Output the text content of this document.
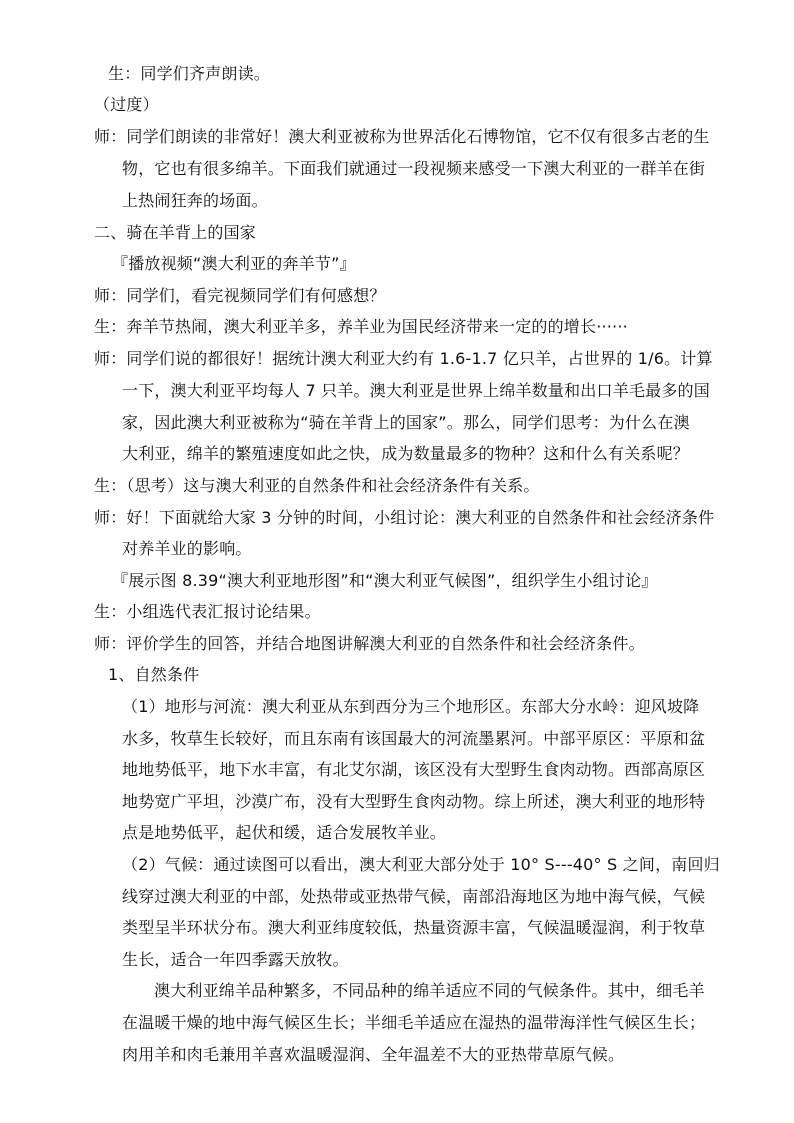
生：同学们齐声朗读。
（过度）
师：同学们朗读的非常好！澳大利亚被称为世界活化石博物馆，它不仅有很多古老的生
物，它也有很多绵羊。下面我们就通过一段视频来感受一下澳大利亚的一群羊在街
上热闹狂奔的场面。
二、骑在羊背上的国家
『播放视频“澳大利亚的奔羊节”』
师：同学们，看完视频同学们有何感想？
生：奔羊节热闹，澳大利亚羊多，养羊业为国民经济带来一定的的增长······
师：同学们说的都很好！据统计澳大利亚大约有 1.6-1.7 亿只羊，占世界的 1/6。计算
一下，澳大利亚平均每人 7 只羊。澳大利亚是世界上绵羊数量和出口羊毛最多的国
家，因此澳大利亚被称为“骑在羊背上的国家”。那么，同学们思考：为什么在澳
大利亚，绵羊的繁殖速度如此之快，成为数量最多的物种？这和什么有关系呢？
生：（思考）这与澳大利亚的自然条件和社会经济条件有关系。
师：好！下面就给大家 3 分钟的时间，小组讨论：澳大利亚的自然条件和社会经济条件
对养羊业的影响。
『展示图 8.39“澳大利亚地形图”和“澳大利亚气候图”，组织学生小组讨论』
生：小组选代表汇报讨论结果。
师：评价学生的回答，并结合地图讲解澳大利亚的自然条件和社会经济条件。
1、自然条件
（1）地形与河流：澳大利亚从东到西分为三个地形区。东部大分水岭：迎风坡降
水多，牧草生长较好，而且东南有该国最大的河流墨累河。中部平原区：平原和盆
地地势低平，地下水丰富，有北艾尔湖，该区没有大型野生食肉动物。西部高原区
地势宽广平坦，沙漠广布，没有大型野生食肉动物。综上所述，澳大利亚的地形特
点是地势低平，起伏和缓，适合发展牧羊业。
（2）气候：通过读图可以看出，澳大利亚大部分处于 10° S---40° S 之间，南回归
线穿过澳大利亚的中部，处热带或亚热带气候，南部沿海地区为地中海气候，气候
类型呈半环状分布。澳大利亚纬度较低，热量资源丰富，气候温暖湿润，利于牧草
生长，适合一年四季露天放牧。
澳大利亚绵羊品种繁多，不同品种的绵羊适应不同的气候条件。其中，细毛羊
在温暖干燥的地中海气候区生长；半细毛羊适应在湿热的温带海洋性气候区生长；
肉用羊和肉毛兼用羊喜欢温暖湿润、全年温差不大的亚热带草原气候。
